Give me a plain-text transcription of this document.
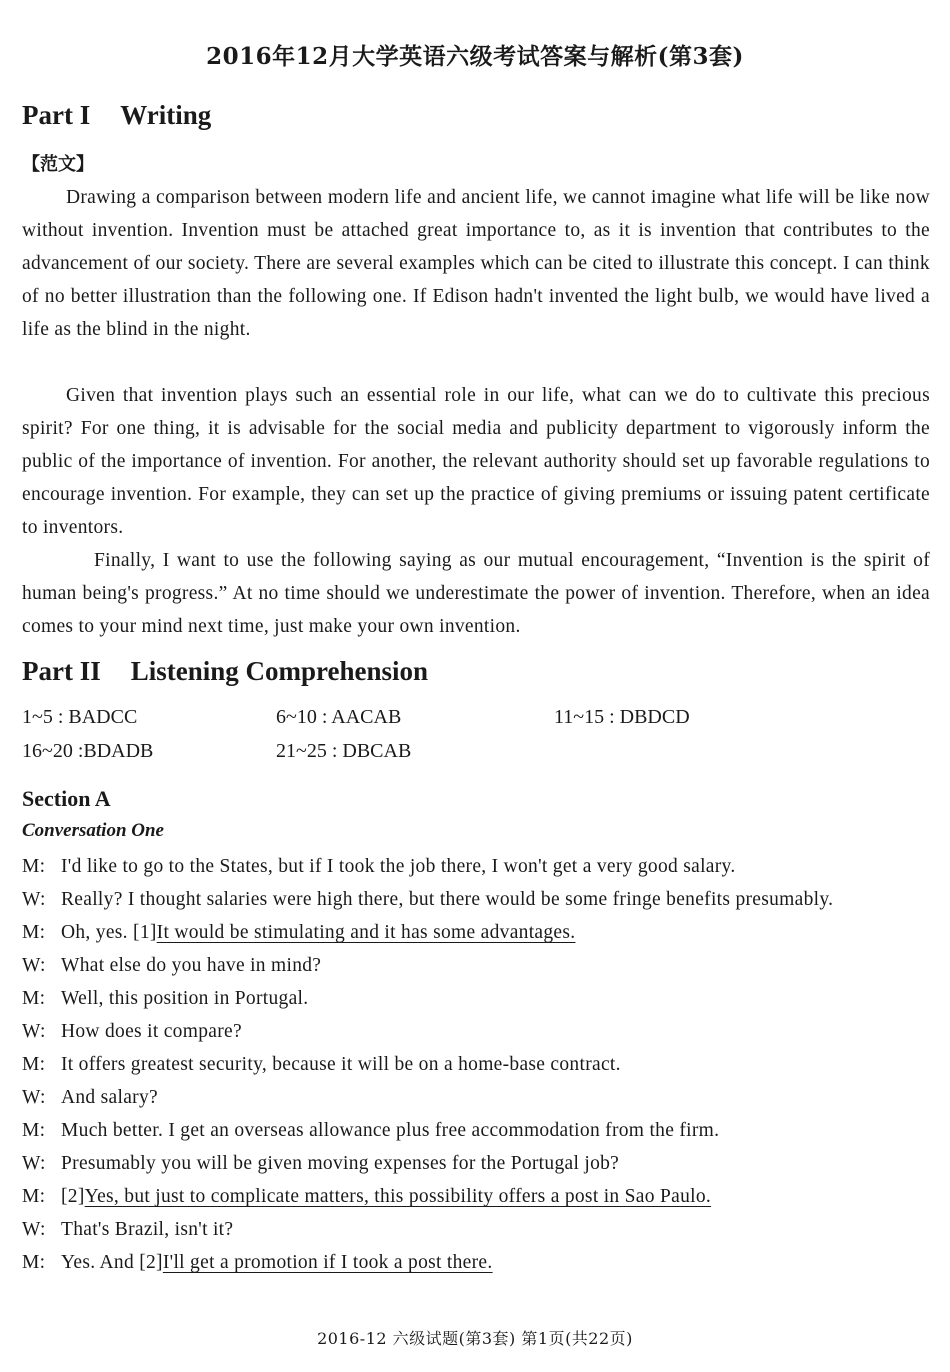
2016年12月大学英语六级考试答案与解析(第3套)
Part I Writing
【范文】

Drawing a comparison between modern life and ancient life, we cannot imagine what life will be like now without invention. Invention must be attached great importance to, as it is invention that contributes to the advancement of our society. There are several examples which can be cited to illustrate this concept. I can think of no better illustration than the following one. If Edison hadn't invented the light bulb, we would have lived a life as the blind in the night.

Given that invention plays such an essential role in our life, what can we do to cultivate this precious spirit? For one thing, it is advisable for the social media and publicity department to vigorously inform the public of the importance of invention. For another, the relevant authority should set up favorable regulations to encourage invention. For example, they can set up the practice of giving premiums or issuing patent certificate to inventors.

Finally, I want to use the following saying as our mutual encouragement, “Invention is the spirit of human being's progress.” At no time should we underestimate the power of invention. Therefore, when an idea comes to your mind next time, just make your own invention.

Part II Listening Comprehension
1~5 : BADCC	6~10 : AACAB	11~15 : DBDCD
16~20 :BDADB	21~25 : DBCAB
Section A
Conversation One
M: I'd like to go to the States, but if I took the job there, I won't get a very good salary.
W: Really? I thought salaries were high there, but there would be some fringe benefits presumably.
M: Oh, yes. [1]It would be stimulating and it has some advantages.
W: What else do you have in mind?
M: Well, this position in Portugal.
W: How does it compare?
M: It offers greatest security, because it will be on a home-base contract.
W: And salary?
M: Much better. I get an overseas allowance plus free accommodation from the firm.
W: Presumably you will be given moving expenses for the Portugal job?
M: [2]Yes, but just to complicate matters, this possibility offers a post in Sao Paulo.
W: That's Brazil, isn't it?
M: Yes. And [2]I'll get a promotion if I took a post there.
2016-12 六级试题(第3套) 第1页(共22页)
